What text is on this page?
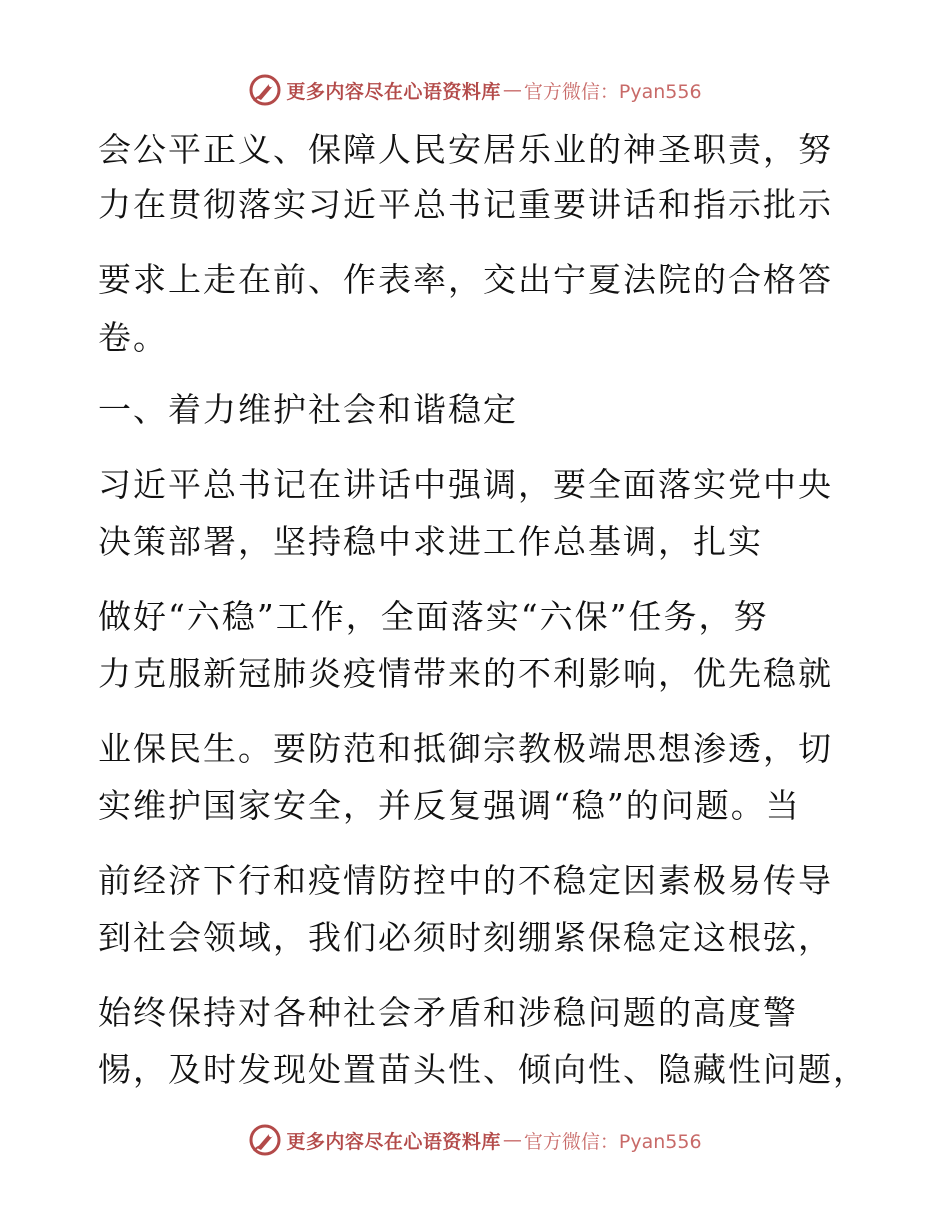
更多内容尽在心语资料库 — 官方微信：Pyan556
会公平正义、保障人民安居乐业的神圣职责，努
力在贯彻落实习近平总书记重要讲话和指示批示
要求上走在前、作表率，交出宁夏法院的合格答
卷。
一、着力维护社会和谐稳定
习近平总书记在讲话中强调，要全面落实党中央
决策部署，坚持稳中求进工作总基调，扎实
做好“六稳”工作，全面落实“六保”任务，努
力克服新冠肺炎疫情带来的不利影响，优先稳就
业保民生。要防范和抵御宗教极端思想渗透，切
实维护国家安全，并反复强调“稳”的问题。当
前经济下行和疫情防控中的不稳定因素极易传导
到社会领域，我们必须时刻绷紧保稳定这根弦，
始终保持对各种社会矛盾和涉稳问题的高度警
惕，及时发现处置苗头性、倾向性、隐藏性问题，
更多内容尽在心语资料库 — 官方微信：Pyan556
